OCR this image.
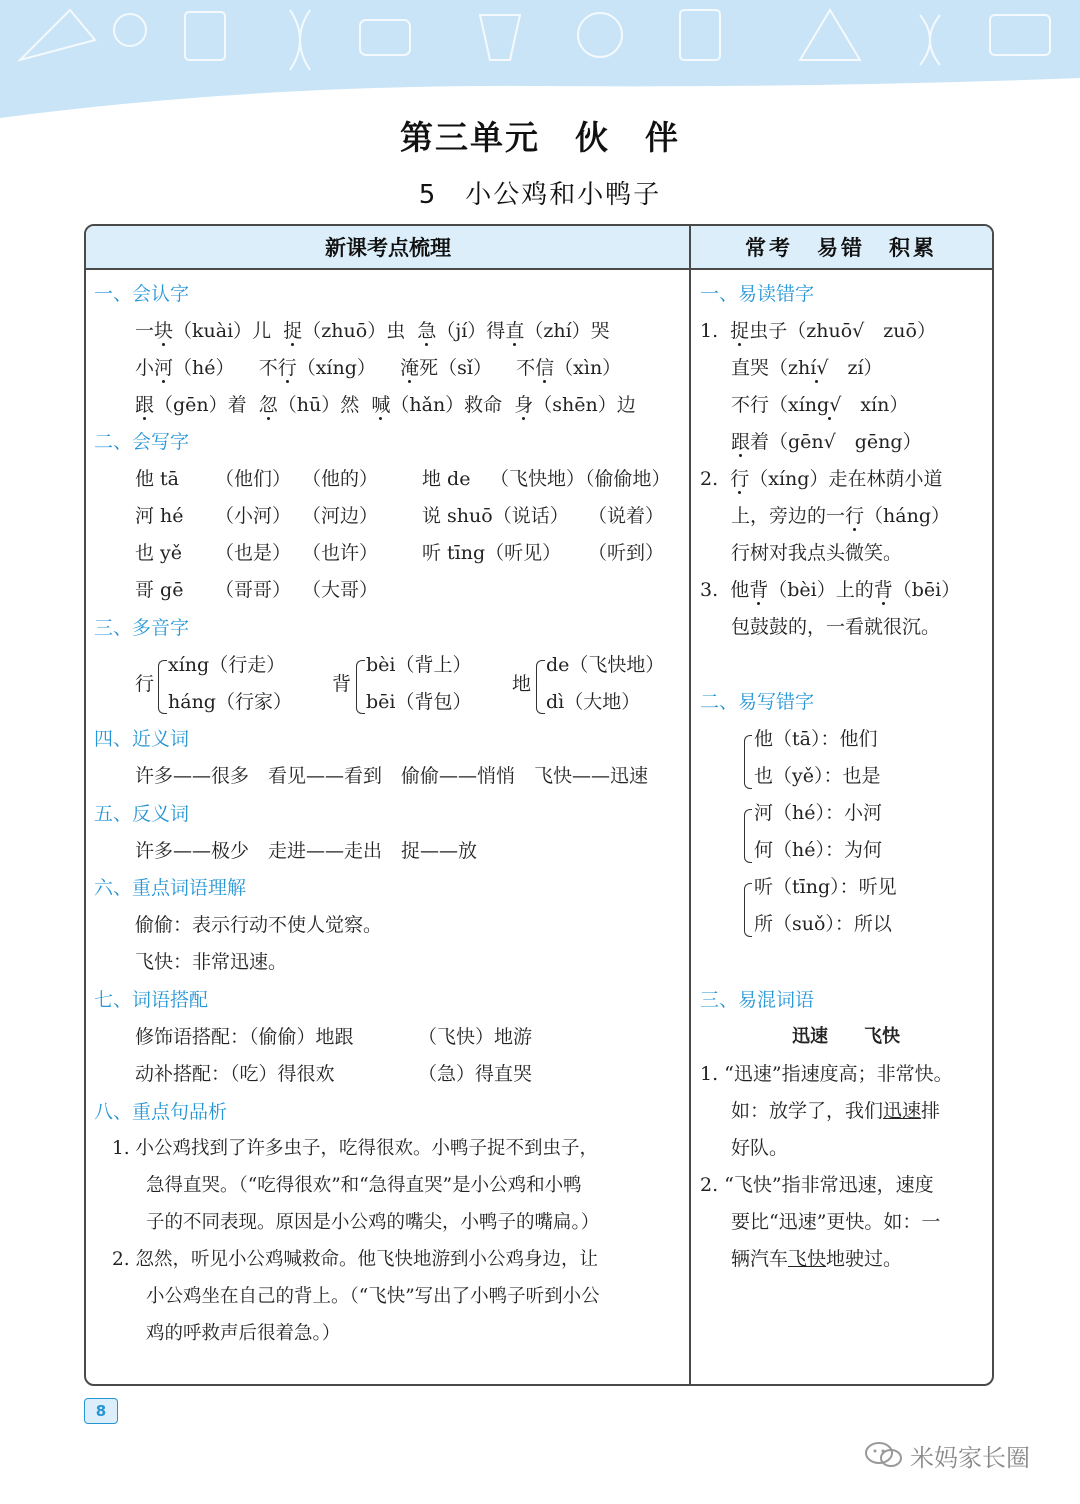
第三单元　伙　伴
5　小公鸡和小鸭子
新课考点梳理	常考　易错　积累
一、会认字
一块（kuài）儿 捉（zhuō）虫 急（jí）得直（zhí）哭
小河（hé） 不行（xíng） 淹死（sǐ） 不信（xìn）
跟（gēn）着 忽（hū）然 喊（hǎn）救命 身（shēn）边
二、会写字
他 tā （他们） （他的） 地 de （飞快地）（偷偷地）
河 hé （小河） （河边） 说 shuō（说话） （说着）
也 yě （也是） （也许） 听 tīng（听见） （听到）
哥 gē （哥哥） （大哥）
三、多音字
行
xíng（行走）
háng（行家）
背
bèi（背上）
bēi（背包）
地
de（飞快地）
dì（大地）
四、近义词
许多——很多　看见——看到　偷偷——悄悄　飞快——迅速
五、反义词
许多——极少　走进——走出　捉——放
六、重点词语理解
偷偷：表示行动不使人觉察。
飞快：非常迅速。
七、词语搭配
修饰语搭配：（偷偷）地跟	（飞快）地游
动补搭配：（吃）得很欢	（急）得直哭
八、重点句品析
1. 小公鸡找到了许多虫子，吃得很欢。小鸭子捉不到虫子，
急得直哭。（“吃得很欢”和“急得直哭”是小公鸡和小鸭
子的不同表现。原因是小公鸡的嘴尖，小鸭子的嘴扁。）
2. 忽然，听见小公鸡喊救命。他飞快地游到小公鸡身边，让
小公鸡坐在自己的背上。（“飞快”写出了小鸭子听到小公
鸡的呼救声后很着急。）
一、易读错字
1. 捉虫子（zhuō√　zuō）
直哭（zhí√　zí）
不行（xíng√　xín）
跟着（gēn√　gēng）
2. 行（xíng）走在林荫小道
上，旁边的一行（háng）
行树对我点头微笑。
3. 他背（bèi）上的背（bēi）
包鼓鼓的，一看就很沉。
二、易写错字
他（tā）：他们
也（yě）：也是
河（hé）：小河
何（hé）：为何
听（tīng）：听见
所（suǒ）：所以
三、易混词语
迅速　　飞快
1. “迅速”指速度高；非常快。
如：放学了，我们迅速排
好队。
2. “飞快”指非常迅速，速度
要比“迅速”更快。如：一
辆汽车飞快地驶过。
8
米妈家长圈
